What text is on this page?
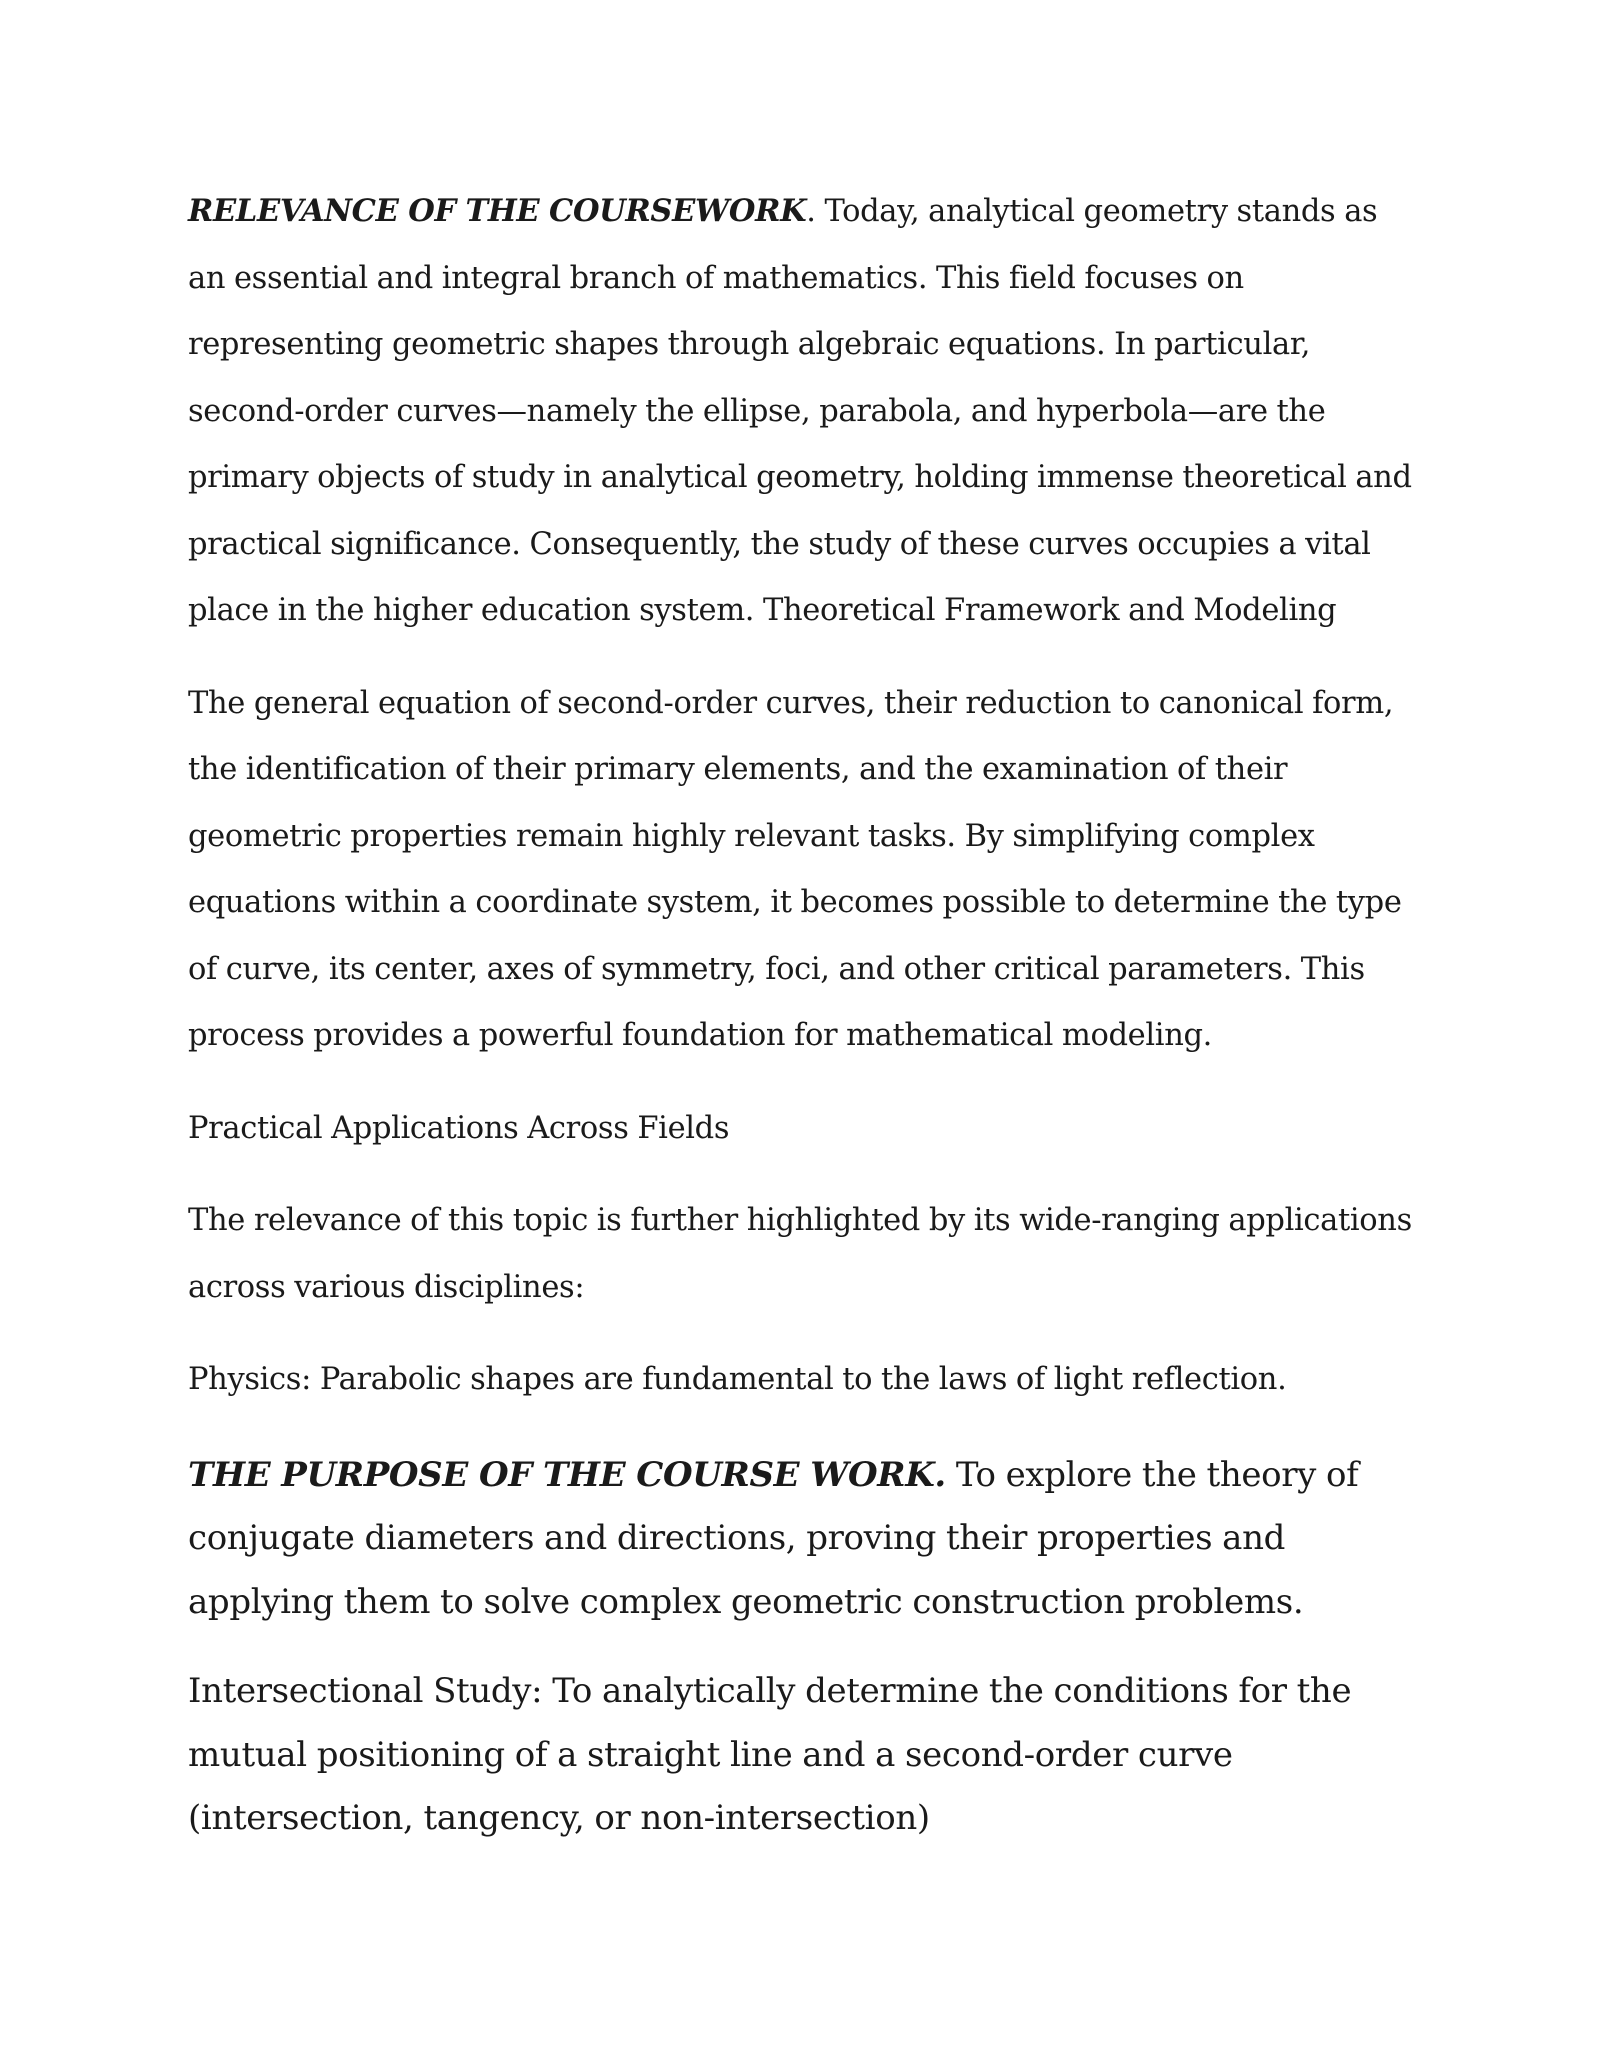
RELEVANCE OF THE COURSEWORK. Today, analytical geometry stands as an essential and integral branch of mathematics. This field focuses on representing geometric shapes through algebraic equations. In particular, second-order curves—namely the ellipse, parabola, and hyperbola—are the primary objects of study in analytical geometry, holding immense theoretical and practical significance. Consequently, the study of these curves occupies a vital place in the higher education system. Theoretical Framework and Modeling

The general equation of second-order curves, their reduction to canonical form, the identification of their primary elements, and the examination of their geometric properties remain highly relevant tasks. By simplifying complex equations within a coordinate system, it becomes possible to determine the type of curve, its center, axes of symmetry, foci, and other critical parameters. This process provides a powerful foundation for mathematical modeling.

Practical Applications Across Fields

The relevance of this topic is further highlighted by its wide-ranging applications across various disciplines:

Physics: Parabolic shapes are fundamental to the laws of light reflection.

THE PURPOSE OF THE COURSE WORK. To explore the theory of conjugate diameters and directions, proving their properties and applying them to solve complex geometric construction problems.

Intersectional Study: To analytically determine the conditions for the mutual positioning of a straight line and a second-order curve (intersection, tangency, or non-intersection)
